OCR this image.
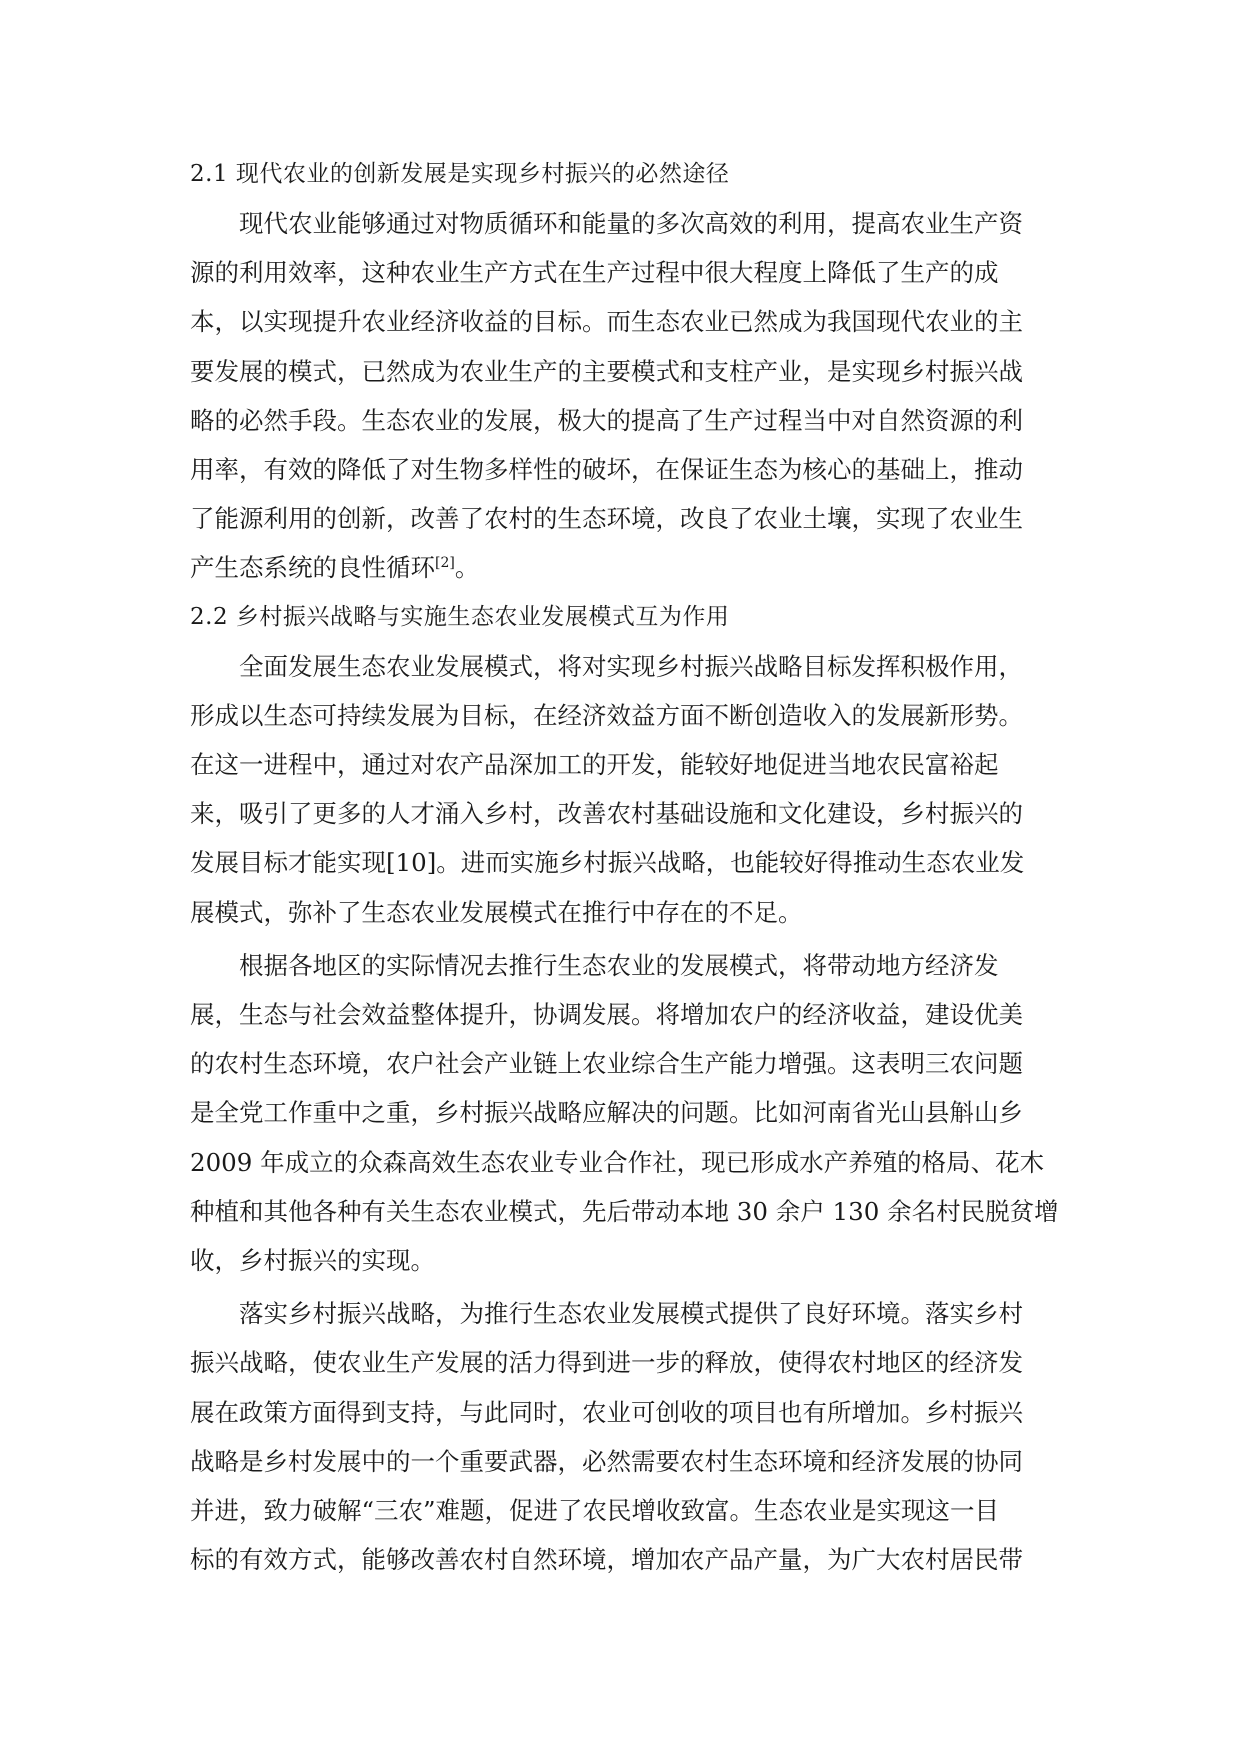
2.1 现代农业的创新发展是实现乡村振兴的必然途径

现代农业能够通过对物质循环和能量的多次高效的利用，提高农业生产资
源的利用效率，这种农业生产方式在生产过程中很大程度上降低了生产的成
本，以实现提升农业经济收益的目标。而生态农业已然成为我国现代农业的主
要发展的模式，已然成为农业生产的主要模式和支柱产业，是实现乡村振兴战
略的必然手段。生态农业的发展，极大的提高了生产过程当中对自然资源的利
用率，有效的降低了对生物多样性的破坏，在保证生态为核心的基础上，推动
了能源利用的创新，改善了农村的生态环境，改良了农业土壤，实现了农业生
产生态系统的良性循环[2]。

2.2 乡村振兴战略与实施生态农业发展模式互为作用

全面发展生态农业发展模式，将对实现乡村振兴战略目标发挥积极作用，
形成以生态可持续发展为目标，在经济效益方面不断创造收入的发展新形势。
在这一进程中，通过对农产品深加工的开发，能较好地促进当地农民富裕起
来，吸引了更多的人才涌入乡村，改善农村基础设施和文化建设，乡村振兴的
发展目标才能实现[10]。进而实施乡村振兴战略，也能较好得推动生态农业发
展模式，弥补了生态农业发展模式在推行中存在的不足。
根据各地区的实际情况去推行生态农业的发展模式，将带动地方经济发
展，生态与社会效益整体提升，协调发展。将增加农户的经济收益，建设优美
的农村生态环境，农户社会产业链上农业综合生产能力增强。这表明三农问题
是全党工作重中之重，乡村振兴战略应解决的问题。比如河南省光山县斛山乡
2009 年成立的众森高效生态农业专业合作社，现已形成水产养殖的格局、花木
种植和其他各种有关生态农业模式，先后带动本地 30 余户 130 余名村民脱贫增
收，乡村振兴的实现。
落实乡村振兴战略，为推行生态农业发展模式提供了良好环境。落实乡村
振兴战略，使农业生产发展的活力得到进一步的释放，使得农村地区的经济发
展在政策方面得到支持，与此同时，农业可创收的项目也有所增加。乡村振兴
战略是乡村发展中的一个重要武器，必然需要农村生态环境和经济发展的协同
并进，致力破解“三农”难题，促进了农民增收致富。生态农业是实现这一目
标的有效方式，能够改善农村自然环境，增加农产品产量，为广大农村居民带
